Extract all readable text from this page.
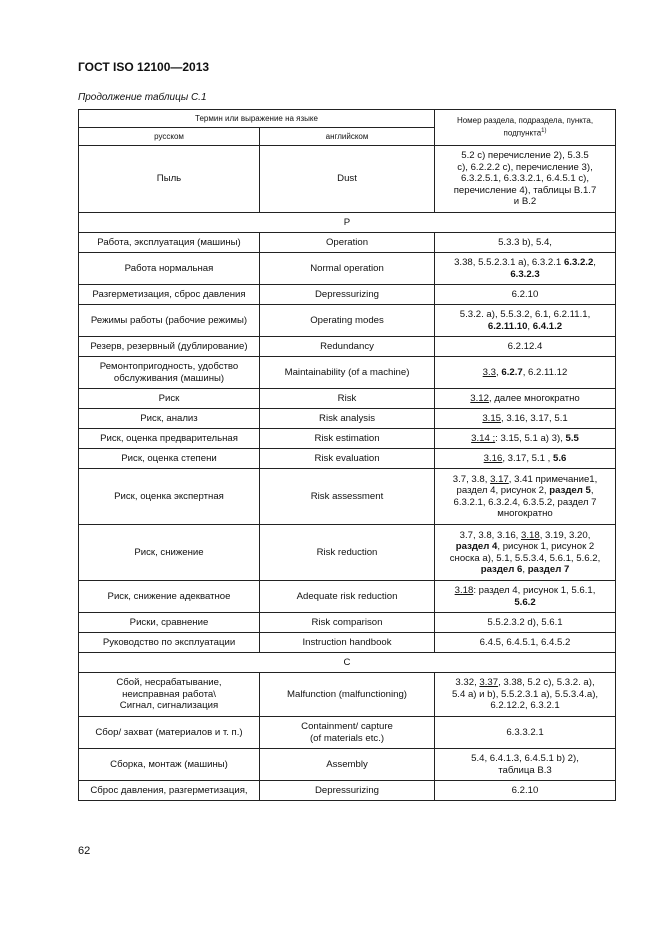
ГОСТ ISO 12100—2013
Продолжение таблицы С.1
Термин или выражение на языке		Номер раздела, подраздела, пункта, подпункта$^{1)}$
русском	английском	
Пыль	Dust	5.2 c) перечисление 2), 5.3.5
c), 6.2.2.2 c), перечисление 3),
6.3.2.5.1, 6.3.3.2.1, 6.4.5.1 c),
перечисление 4), таблицы В.1.7
и В.2
Р		
Работа, эксплуатация (машины)	Operation	5.3.3 b), 5.4,
Работа нормальная	Normal operation	3.38, 5.5.2.3.1 a), 6.3.2.1 6.3.2.2,
6.3.2.3
Разгерметизация, сброс давления	Depressurizing	6.2.10
Режимы работы (рабочие режимы)	Operating modes	5.3.2. a), 5.5.3.2, 6.1, 6.2.11.1,
6.2.11.10, 6.4.1.2
Резерв, резервный (дублирование)	Redundancy	6.2.12.4
Ремонтопригодность, удобство
обслуживания (машины)	Maintainability (of a machine)	3.3, 6.2.7, 6.2.11.12
Риск	Risk	3.12, далее многократно
Риск, анализ	Risk analysis	3.15, 3.16, 3.17, 5.1
Риск, оценка предварительная	Risk estimation	3.14 ;: 3.15, 5.1 a) 3), 5.5
Риск, оценка степени	Risk evaluation	3.16, 3.17, 5.1 , 5.6
Риск, оценка экспертная	Risk assessment	3.7, 3.8, 3.17, 3.41 примечание1,
раздел 4, рисунок 2, раздел 5,
6.3.2.1, 6.3.2.4, 6.3.5.2, раздел 7
многократно
Риск, снижение	Risk reduction	3.7, 3.8, 3.16, 3.18, 3.19, 3.20,
раздел 4, рисунок 1, рисунок 2
сноска a), 5.1, 5.5.3.4, 5.6.1, 5.6.2,
раздел 6, раздел 7
Риск, снижение адекватное	Adequate risk reduction	3.18: раздел 4, рисунок 1, 5.6.1,
5.6.2
Риски, сравнение	Risk comparison	5.5.2.3.2 d), 5.6.1
Руководство по эксплуатации	Instruction handbook	6.4.5, 6.4.5.1, 6.4.5.2
С		
Сбой, несрабатывание,
неисправная работа\
Сигнал, сигнализация	Malfunction (malfunctioning)	3.32, 3.37, 3.38, 5.2 c), 5.3.2. a),
5.4 a) и b), 5.5.2.3.1 a), 5.5.3.4.a),
6.2.12.2, 6.3.2.1
Сбор/ захват (материалов и т. п.)	Containment/ capture
(of materials etc.)	6.3.3.2.1
Сборка, монтаж (машины)	Assembly	5.4, 6.4.1.3, 6.4.5.1 b) 2),
таблица В.3
Сброс давления, разгерметизация,	Depressurizing	6.2.10
62
